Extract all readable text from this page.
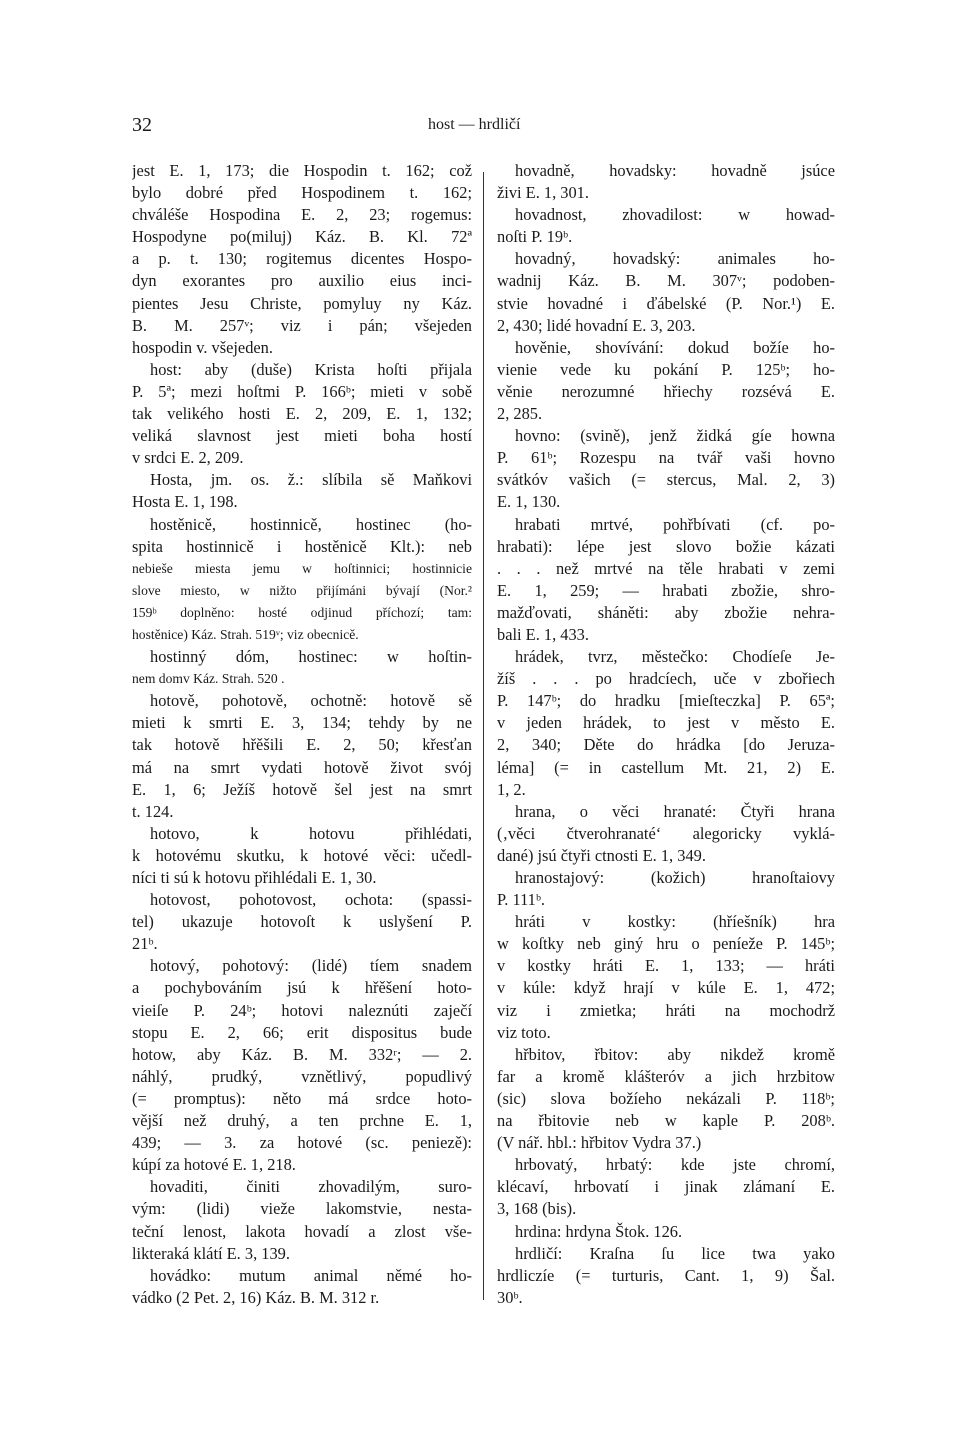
32	host — hrdličí
jest E. 1, 173; die Hospodin t. 162; což
bylo dobré před Hospodinem t. 162;
chváléše Hospodina E. 2, 23; rogemus:
Hospodyne po(miluj) Káz. B. Kl. 72ª
a p. t. 130; rogitemus dicentes Hospo-
dyn exorantes pro auxilio eius inci-
pientes Jesu Christe, pomyluy ny Káz.
B. M. 257ᵛ; viz i pán; všejeden
hospodin v. všejeden.
host: aby (duše) Krista hoſti přijala
P. 5ª; mezi hoſtmi P. 166ᵇ; mieti v sobě
tak velikého hosti E. 2, 209, E. 1, 132;
veliká slavnost jest mieti boha hostí
v srdci E. 2, 209.
Hosta, jm. os. ž.: slíbila sě Maňkovi
Hosta E. 1, 198.
hostěnicě, hostinnicě, hostinec (ho-
spita hostinnicě i hostěnicě Klt.): neb
nebieše miesta jemu w hoſtinnici; hostinnicie
slove miesto, w nižto přijímáni bývají (Nor.²
159ᵇ doplněno: hosté odjinud příchozí; tam:
hostěnice) Káz. Strah. 519ᵛ; viz obecnicě.
hostinný dóm, hostinec: w hoſtin-
nem domv Káz. Strah. 520 .
hotově, pohotově, ochotně: hotově sě
mieti k smrti E. 3, 134; tehdy by ne
tak hotově hřěšili E. 2, 50; křesťan
má na smrt vydati hotově život svój
E. 1, 6; Ježíš hotově šel jest na smrt
t. 124.
hotovo, k hotovu přihlédati,
k hotovému skutku, k hotové věci: učedl-
níci ti sú k hotovu přihlédali E. 1, 30.
hotovost, pohotovost, ochota: (spassi-
tel) ukazuje hotovoſt k uslyšení P.
21ᵇ.
hotový, pohotový: (lidé) tíem snadem
a pochybováním jsú k hřěšení hoto-
vieiſe P. 24ᵇ; hotovi naleznúti zaječí
stopu E. 2, 66; erit dispositus bude
hotow, aby Káz. B. M. 332ʳ; — 2.
náhlý, prudký, vznětlivý, popudlivý
(= promptus): něto má srdce hoto-
vější než druhý, a ten prchne E. 1,
439; — 3. za hotové (sc. peniezě):
kúpí za hotové E. 1, 218.
hovaditi, činiti zhovadilým, surо-
vým: (lidi) vieže lakomstvie, nesta-
teční lenost, lakota hovadí a zlost vše-
likteraká klátí E. 3, 139.
hovádko: mutum animal němé ho-
vádko (2 Pet. 2, 16) Káz. B. M. 312 r.
hovadně, hovadsky: hovadně jsúce
živi E. 1, 301.
hovadnost, zhovadilost: w howad-
noſti P. 19ᵇ.
hovadný, hovadský: animales ho-
wadnij Káz. B. M. 307ᵛ; podoben-
stvie hovadné i ďábelské (P. Nor.¹) E.
2, 430; lidé hovadní E. 3, 203.
hověnie, shovívání: dokud božíe ho-
vienie vede ku pokání P. 125ᵇ; ho-
věnie nerozumné hřiechy rozsévá E.
2, 285.
hovno: (svině), jenž židká gíe howna
P. 61ᵇ; Rozespu na tvář vaši hovno
svátkóv vašich (= stercus, Mal. 2, 3)
E. 1, 130.
hrabati mrtvé, pohřbívati (cf. po-
hrabati): lépe jest slovo božie kázati
. . . než mrtvé na těle hrabati v zemi
E. 1, 259; — hrabati zbožie, shro-
mažďovati, sháněti: aby zbožie nehra-
bali E. 1, 433.
hrádek, tvrz, městečko: Chodíeſe Je-
žíš . . . po hradcíech, uče v zbořiech
P. 147ᵇ; do hradku [mieſteczka] P. 65ª;
v jeden hrádek, to jest v město E.
2, 340; Děte do hrádka [do Jeruza-
léma] (= in castellum Mt. 21, 2) E.
1, 2.
hrana, o věci hranaté: Čtyři hrana
(‚věci čtverohranaté‘ alegoricky vyklá-
dané) jsú čtyři ctnosti E. 1, 349.
hranostajový: (kožich) hranoſtaiovy
P. 111ᵇ.
hráti v kostky: (hříešník) hra
w koſtky neb giný hru o peníeže P. 145ᵇ;
v kostky hráti E. 1, 133; — hráti
v kúle: když hrají v kúle E. 1, 472;
viz i zmietka; hráti na mochodrž
viz toto.
hřbitov, řbitov: aby nikdež kromě
far a kromě klášteróv a jich hrzbitow
(sic) slova božíeho nekázali P. 118ᵇ;
na řbitovie neb w kaple P. 208ᵇ.
(V nář. hbl.: hřbitov Vydra 37.)
hrbovatý, hrbatý: kde jste chromí,
klécaví, hrbovatí i jinak zlámaní E.
3, 168 (bis).
hrdina: hrdyna Štok. 126.
hrdličí: Kraſna ſu lice twa yako
hrdliczíe (= turturis, Cant. 1, 9) Šal.
30ᵇ.
